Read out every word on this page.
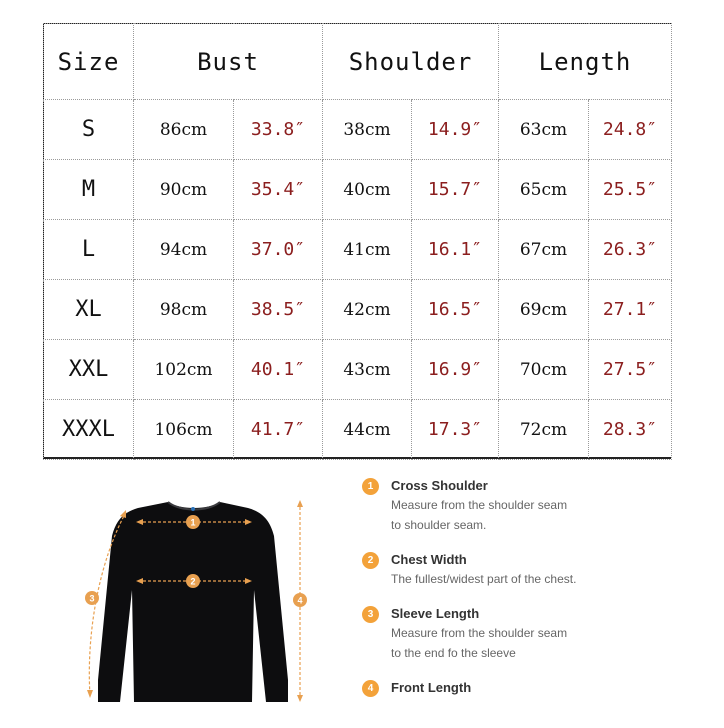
Size	Bust		Shoulder		Length	
S	86cm	33.8″	38cm	14.9″	63cm	24.8″
M	90cm	35.4″	40cm	15.7″	65cm	25.5″
L	94cm	37.0″	41cm	16.1″	67cm	26.3″
XL	98cm	38.5″	42cm	16.5″	69cm	27.1″
XXL	102cm	40.1″	43cm	16.9″	70cm	27.5″
XXXL	106cm	41.7″	44cm	17.3″	72cm	28.3″
1
2
3	4
1	Cross Shoulder
Measure from the shoulder seam
to shoulder seam.
2	Chest Width
The fullest/widest part of the chest.
3	Sleeve Length
Measure from the shoulder seam
to the end fo the sleeve
4	Front Length
